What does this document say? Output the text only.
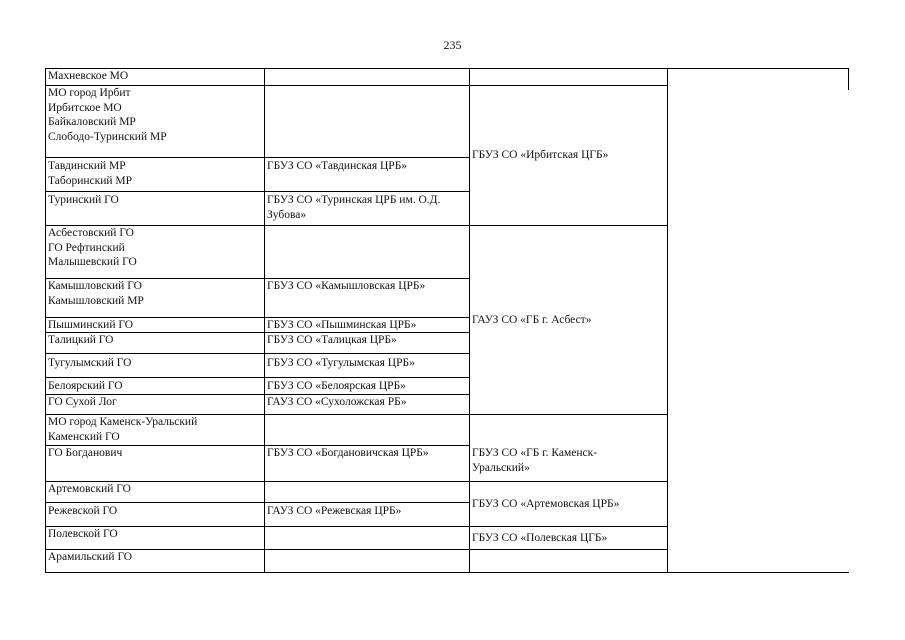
235
Махневское МО
МО город Ирбит
Ирбитское МО
Байкаловский МР
Слободо-Туринский МР
Тавдинский МР
Таборинский МР
Туринский ГО
Асбестовский ГО
ГО Рефтинский
Малышевский ГО
Камышловский ГО
Камышловский МР
Пышминский ГО
Талицкий ГО
Тугулымский ГО
Белоярский ГО
ГО Сухой Лог
МО город Каменск-Уральский
Каменский ГО
ГО Богданович
Артемовский ГО
Режевской ГО
Полевской ГО
Арамильский ГО
ГБУЗ СО «Тавдинская ЦРБ»
ГБУЗ СО «Туринская ЦРБ им. О.Д. Зубова»
ГБУЗ СО «Камышловская ЦРБ»
ГБУЗ СО «Пышминская ЦРБ»
ГБУЗ СО «Талицкая ЦРБ»
ГБУЗ СО «Тугулымская ЦРБ»
ГБУЗ СО «Белоярская ЦРБ»
ГАУЗ СО «Сухоложская РБ»
ГБУЗ СО «Богдановичская ЦРБ»
ГАУЗ СО «Режевская ЦРБ»
ГБУЗ СО «Ирбитская ЦГБ»
ГАУЗ СО «ГБ г. Асбест»
ГБУЗ СО «ГБ г. Каменск-Уральский»
ГБУЗ СО «Артемовская ЦРБ»
ГБУЗ СО «Полевская ЦГБ»
